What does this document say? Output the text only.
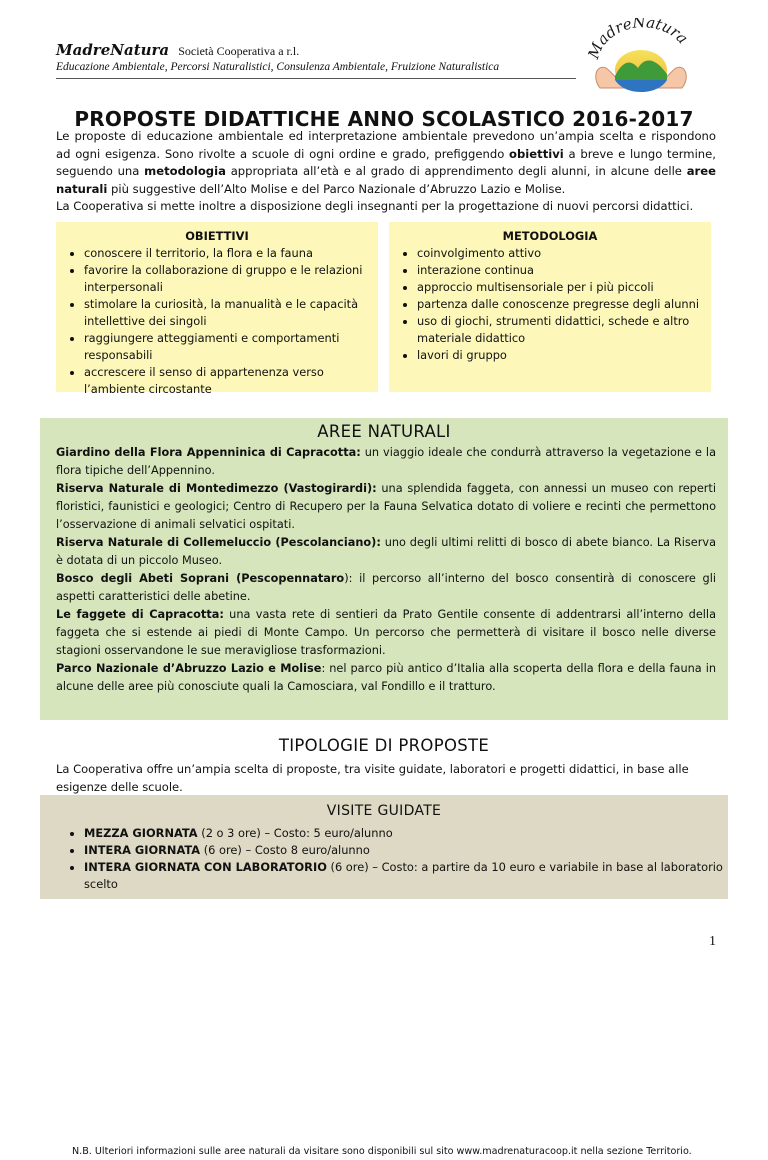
MadreNatura Società Cooperativa a r.l.
Educazione Ambientale, Percorsi Naturalistici, Consulenza Ambientale, Fruizione Naturalistica
MadreNatura
PROPOSTE DIDATTICHE ANNO SCOLASTICO 2016-2017
Le proposte di educazione ambientale ed interpretazione ambientale prevedono un’ampia scelta e rispondono ad ogni esigenza. Sono rivolte a scuole di ogni ordine e grado, prefiggendo obiettivi a breve e lungo termine, seguendo una metodologia appropriata all’età e al grado di apprendimento degli alunni, in alcune delle aree naturali più suggestive dell’Alto Molise e del Parco Nazionale d’Abruzzo Lazio e Molise.
La Cooperativa si mette inoltre a disposizione degli insegnanti per la progettazione di nuovi percorsi didattici.
OBIETTIVI
• conoscere il territorio, la flora e la fauna
• favorire la collaborazione di gruppo e le relazioni interpersonali
• stimolare la curiosità, la manualità e le capacità intellettive dei singoli
• raggiungere atteggiamenti e comportamenti responsabili
• accrescere il senso di appartenenza verso l’ambiente circostante
METODOLOGIA
• coinvolgimento attivo
• interazione continua
• approccio multisensoriale per i più piccoli
• partenza dalle conoscenze pregresse degli alunni
• uso di giochi, strumenti didattici, schede e altro materiale didattico
• lavori di gruppo
AREE NATURALI
Giardino della Flora Appenninica di Capracotta: un viaggio ideale che condurrà attraverso la vegetazione e la flora tipiche dell’Appennino.
Riserva Naturale di Montedimezzo (Vastogirardi): una splendida faggeta, con annessi un museo con reperti floristici, faunistici e geologici; Centro di Recupero per la Fauna Selvatica dotato di voliere e recinti che permettono l’osservazione di animali selvatici ospitati.
Riserva Naturale di Collemeluccio (Pescolanciano): uno degli ultimi relitti di bosco di abete bianco. La Riserva è dotata di un piccolo Museo.
Bosco degli Abeti Soprani (Pescopennataro): il percorso all’interno del bosco consentirà di conoscere gli aspetti caratteristici delle abetine.
Le faggete di Capracotta: una vasta rete di sentieri da Prato Gentile consente di addentrarsi all’interno della faggeta che si estende ai piedi di Monte Campo. Un percorso che permetterà di visitare il bosco nelle diverse stagioni osservandone le sue meravigliose trasformazioni.
Parco Nazionale d’Abruzzo Lazio e Molise: nel parco più antico d’Italia alla scoperta della flora e della fauna in alcune delle aree più conosciute quali la Camosciara, val Fondillo e il tratturo.
N.B. Ulteriori informazioni sulle aree naturali da visitare sono disponibili sul sito www.madrenaturacoop.it nella sezione Territorio.
TIPOLOGIE DI PROPOSTE
La Cooperativa offre un’ampia scelta di proposte, tra visite guidate, laboratori e progetti didattici, in base alle esigenze delle scuole.
VISITE GUIDATE
• MEZZA GIORNATA (2 o 3 ore) – Costo: 5 euro/alunno
• INTERA GIORNATA (6 ore) – Costo 8 euro/alunno
• INTERA GIORNATA CON LABORATORIO (6 ore) – Costo: a partire da 10 euro e variabile in base al laboratorio scelto
1
